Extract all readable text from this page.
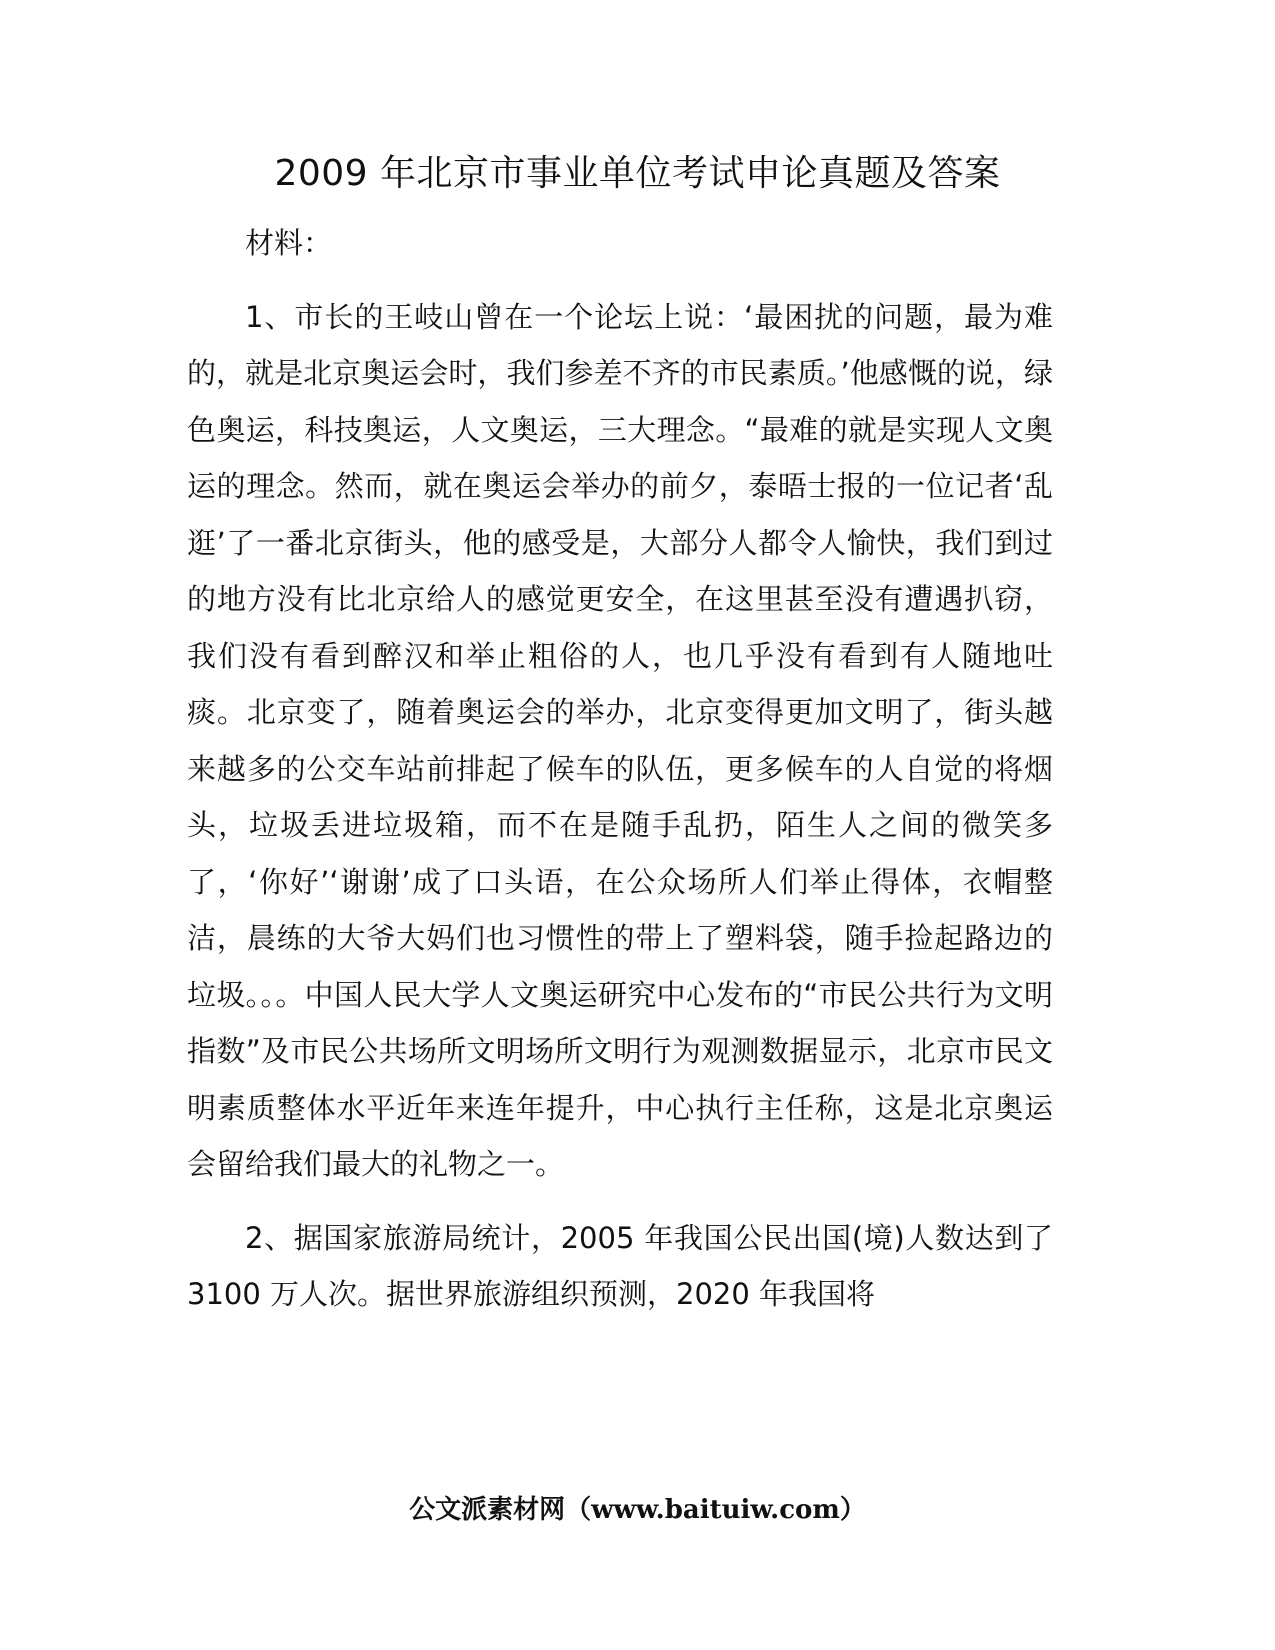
2009 年北京市事业单位考试申论真题及答案

材料：

1、市长的王岐山曾在一个论坛上说：‘最困扰的问题，最为难的，就是北京奥运会时，我们参差不齐的市民素质。’他感慨的说，绿色奥运，科技奥运，人文奥运，三大理念。“最难的就是实现人文奥运的理念。然而，就在奥运会举办的前夕，泰晤士报的一位记者‘乱逛’了一番北京街头，他的感受是，大部分人都令人愉快，我们到过的地方没有比北京给人的感觉更安全，在这里甚至没有遭遇扒窃，我们没有看到醉汉和举止粗俗的人，也几乎没有看到有人随地吐痰。北京变了，随着奥运会的举办，北京变得更加文明了，街头越来越多的公交车站前排起了候车的队伍，更多候车的人自觉的将烟头，垃圾丢进垃圾箱，而不在是随手乱扔，陌生人之间的微笑多了，‘你好’‘谢谢’成了口头语，在公众场所人们举止得体，衣帽整洁，晨练的大爷大妈们也习惯性的带上了塑料袋，随手捡起路边的垃圾。。。中国人民大学人文奥运研究中心发布的“市民公共行为文明指数”及市民公共场所文明场所文明行为观测数据显示，北京市民文明素质整体水平近年来连年提升，中心执行主任称，这是北京奥运会留给我们最大的礼物之一。

2、据国家旅游局统计，2005 年我国公民出国(境)人数达到了 3100 万人次。据世界旅游组织预测，2020 年我国将

公文派素材网（www.baituiw.com）
